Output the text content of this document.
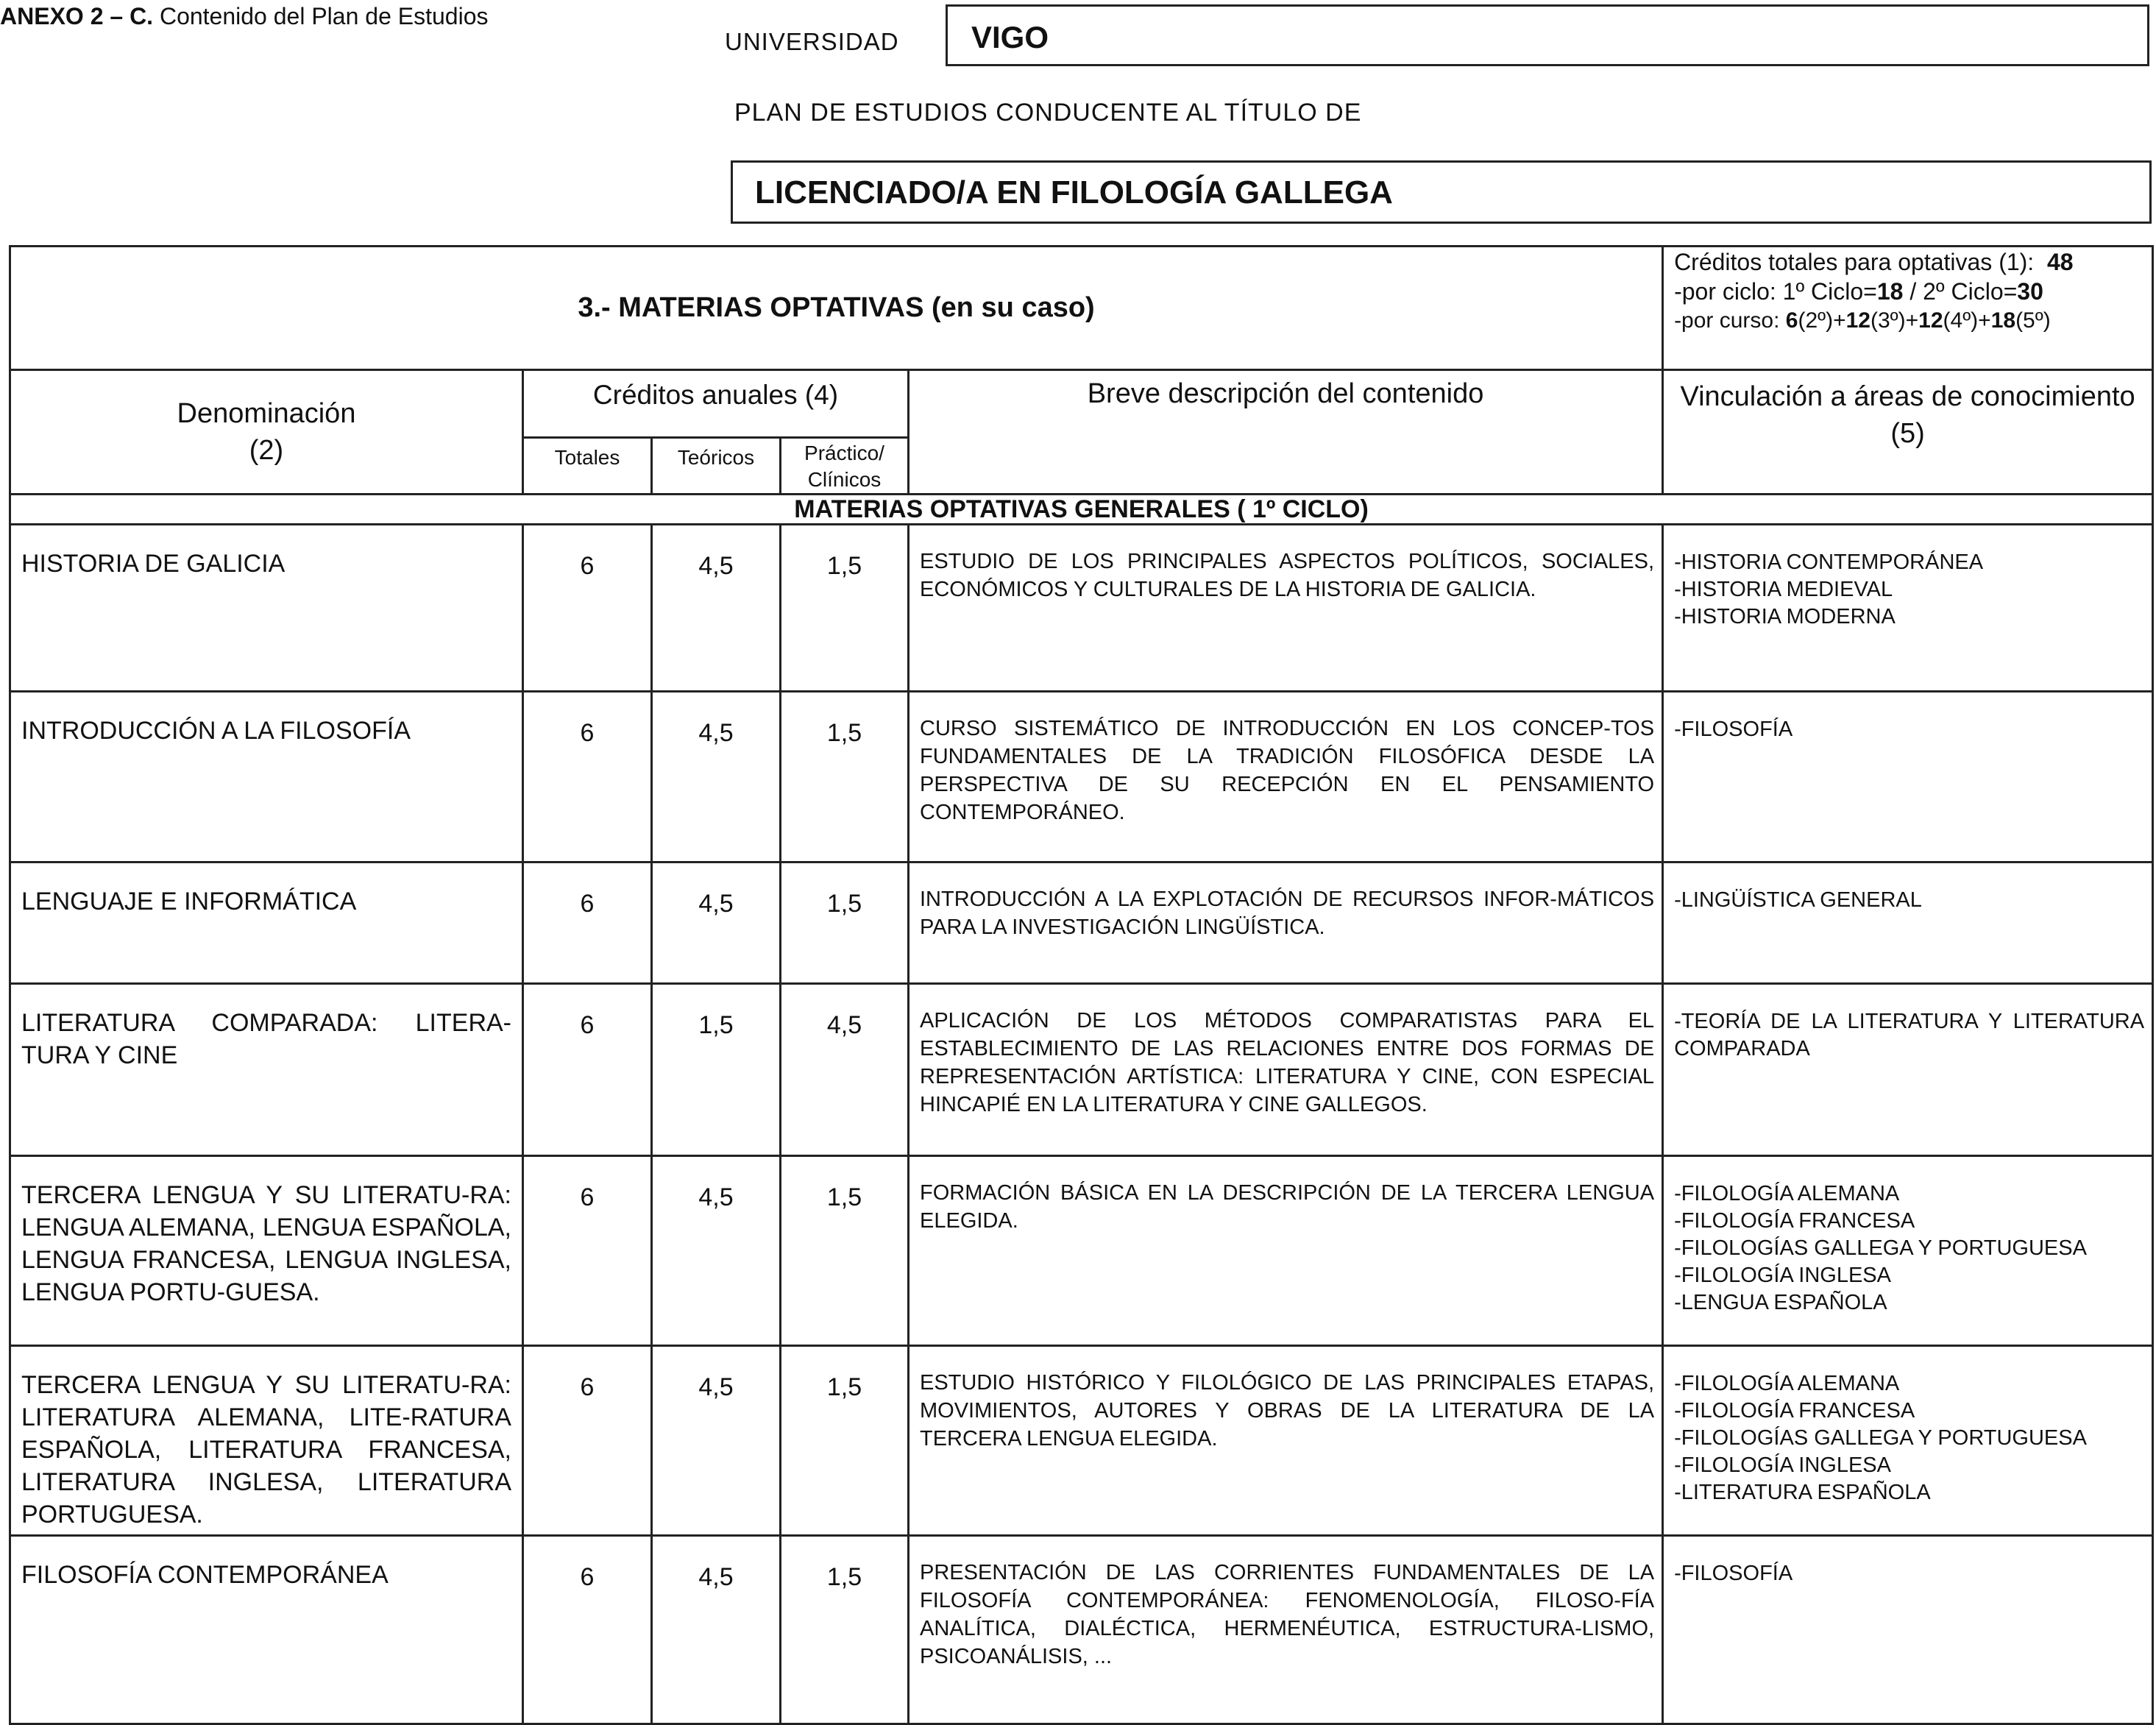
ANEXO 2 – C. Contenido del Plan de Estudios
UNIVERSIDAD	VIGO
PLAN DE ESTUDIOS CONDUCENTE AL TÍTULO DE
LICENCIADO/A EN FILOLOGÍA GALLEGA
3.- MATERIAS OPTATIVAS (en su caso)					Créditos totales para optativas (1): 48
-por ciclo: 1º Ciclo=18 / 2º Ciclo=30
-por curso: 6(2º)+12(3º)+12(4º)+18(5º)

Denominación
(2)	Créditos anuales (4)			Breve descripción del contenido	Vinculación a áreas de conocimiento (5)
	Totales	Teóricos	Práctico/ Clínicos		
MATERIAS OPTATIVAS GENERALES ( 1º CICLO)					
HISTORIA DE GALICIA	6	4,5	1,5	ESTUDIO DE LOS PRINCIPALES ASPECTOS POLÍTICOS, SOCIALES, ECONÓMICOS Y CULTURALES DE LA HISTORIA DE GALICIA.	-HISTORIA CONTEMPORÁNEA
-HISTORIA MEDIEVAL
-HISTORIA MODERNA

INTRODUCCIÓN A LA FILOSOFÍA	6	4,5	1,5	CURSO SISTEMÁTICO DE INTRODUCCIÓN EN LOS CONCEP-TOS FUNDAMENTALES DE LA TRADICIÓN FILOSÓFICA DESDE LA PERSPECTIVA DE SU RECEPCIÓN EN EL PENSAMIENTO CONTEMPORÁNEO.	-FILOSOFÍA

LENGUAJE E INFORMÁTICA	6	4,5	1,5	INTRODUCCIÓN A LA EXPLOTACIÓN DE RECURSOS INFOR-MÁTICOS PARA LA INVESTIGACIÓN LINGÜÍSTICA.	-LINGÜÍSTICA GENERAL

LITERATURA COMPARADA: LITERA-TURA Y CINE	6	1,5	4,5	APLICACIÓN DE LOS MÉTODOS COMPARATISTAS PARA EL ESTABLECIMIENTO DE LAS RELACIONES ENTRE DOS FORMAS DE REPRESENTACIÓN ARTÍSTICA: LITERATURA Y CINE, CON ESPECIAL HINCAPIÉ EN LA LITERATURA Y CINE GALLEGOS.	-TEORÍA DE LA LITERATURA Y LITERATURA COMPARADA

TERCERA LENGUA Y SU LITERATU-RA: LENGUA ALEMANA, LENGUA ESPAÑOLA, LENGUA FRANCESA, LENGUA INGLESA, LENGUA PORTU-GUESA.	6	4,5	1,5	FORMACIÓN BÁSICA EN LA DESCRIPCIÓN DE LA TERCERA LENGUA ELEGIDA.	-FILOLOGÍA ALEMANA
-FILOLOGÍA FRANCESA
-FILOLOGÍAS GALLEGA Y PORTUGUESA
-FILOLOGÍA INGLESA
-LENGUA ESPAÑOLA

TERCERA LENGUA Y SU LITERATU-RA: LITERATURA ALEMANA, LITE-RATURA ESPAÑOLA, LITERATURA FRANCESA, LITERATURA INGLESA, LITERATURA PORTUGUESA.	6	4,5	1,5	ESTUDIO HISTÓRICO Y FILOLÓGICO DE LAS PRINCIPALES ETAPAS, MOVIMIENTOS, AUTORES Y OBRAS DE LA LITERATURA DE LA TERCERA LENGUA ELEGIDA.	-FILOLOGÍA ALEMANA
-FILOLOGÍA FRANCESA
-FILOLOGÍAS GALLEGA Y PORTUGUESA
-FILOLOGÍA INGLESA
-LITERATURA ESPAÑOLA

FILOSOFÍA CONTEMPORÁNEA	6	4,5	1,5	PRESENTACIÓN DE LAS CORRIENTES FUNDAMENTALES DE LA FILOSOFÍA CONTEMPORÁNEA: FENOMENOLOGÍA, FILOSO-FÍA ANALÍTICA, DIALÉCTICA, HERMENÉUTICA, ESTRUCTURA-LISMO, PSICOANÁLISIS, ...	-FILOSOFÍA
